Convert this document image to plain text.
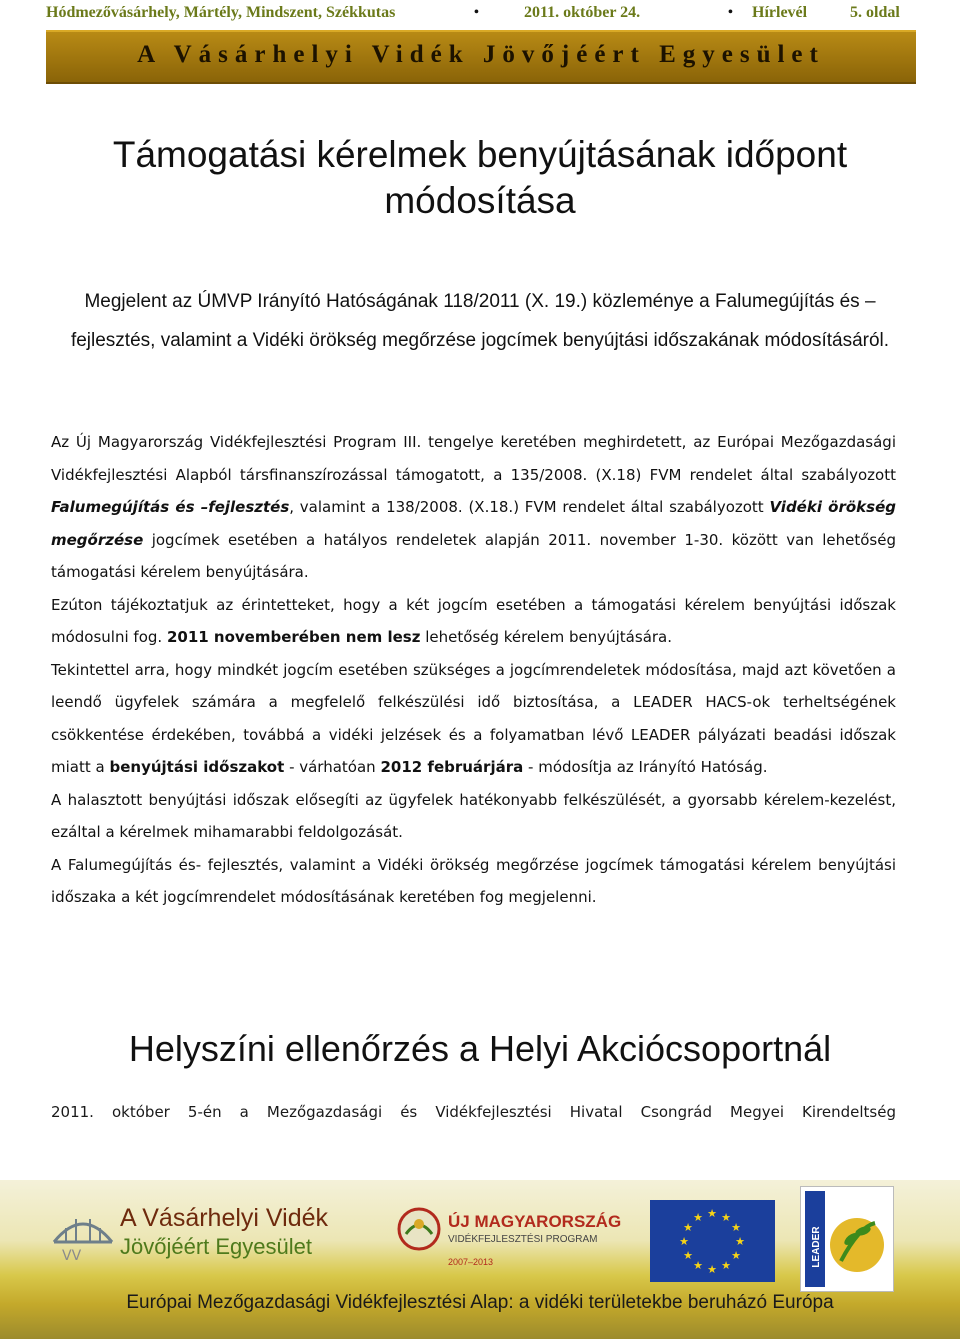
Hódmezővásárhely, Mártély, Mindszent, Székkutas	•	2011. október 24.	• Hírlevél	5. oldal
A Vásárhelyi Vidék Jövőjéért Egyesület
Támogatási kérelmek benyújtásának időpont módosítása
Megjelent az ÚMVP Irányító Hatóságának 118/2011 (X. 19.) közleménye a Falumegújítás és –fejlesztés, valamint a Vidéki örökség megőrzése jogcímek benyújtási időszakának módosításáról.

Az Új Magyarország Vidékfejlesztési Program III. tengelye keretében meghirdetett, az Európai Mezőgazdasági Vidékfejlesztési Alapból társfinanszírozással támogatott, a 135/2008. (X.18) FVM rendelet által szabályozott Falumegújítás és –fejlesztés, valamint a 138/2008. (X.18.) FVM rendelet által szabályozott Vidéki örökség megőrzése jogcímek esetében a hatályos rendeletek alapján 2011. november 1-30. között van lehetőség támogatási kérelem benyújtására.

Ezúton tájékoztatjuk az érintetteket, hogy a két jogcím esetében a támogatási kérelem benyújtási időszak módosulni fog. 2011 novemberében nem lesz lehetőség kérelem benyújtására.

Tekintettel arra, hogy mindkét jogcím esetében szükséges a jogcímrendeletek módosítása, majd azt követően a leendő ügyfelek számára a megfelelő felkészülési idő biztosítása, a LEADER HACS-ok terheltségének csökkentése érdekében, továbbá a vidéki jelzések és a folyamatban lévő LEADER pályázati beadási időszak miatt a benyújtási időszakot - várhatóan 2012 februárjára - módosítja az Irányító Hatóság.

A halasztott benyújtási időszak elősegíti az ügyfelek hatékonyabb felkészülését, a gyorsabb kérelem-kezelést, ezáltal a kérelmek mihamarabbi feldolgozását.

A Falumegújítás és- fejlesztés, valamint a Vidéki örökség megőrzése jogcímek támogatási kérelem benyújtási időszaka a két jogcímrendelet módosításának keretében fog megjelenni.

Helyszíni ellenőrzés a Helyi Akciócsoportnál
2011. október 5-én a Mezőgazdasági és Vidékfejlesztési Hivatal Csongrád Megyei Kirendeltség
VV
A Vásárhelyi Vidék
Jövőjéért Egyesület
ÚJ MAGYARORSZÁG
VIDÉKFEJLESZTÉSI PROGRAM
2007–2013
★ ★
★
★
★
★
★
★
★
★
★
★
LEADER
Európai Mezőgazdasági Vidékfejlesztési Alap: a vidéki területekbe beruházó Európa
